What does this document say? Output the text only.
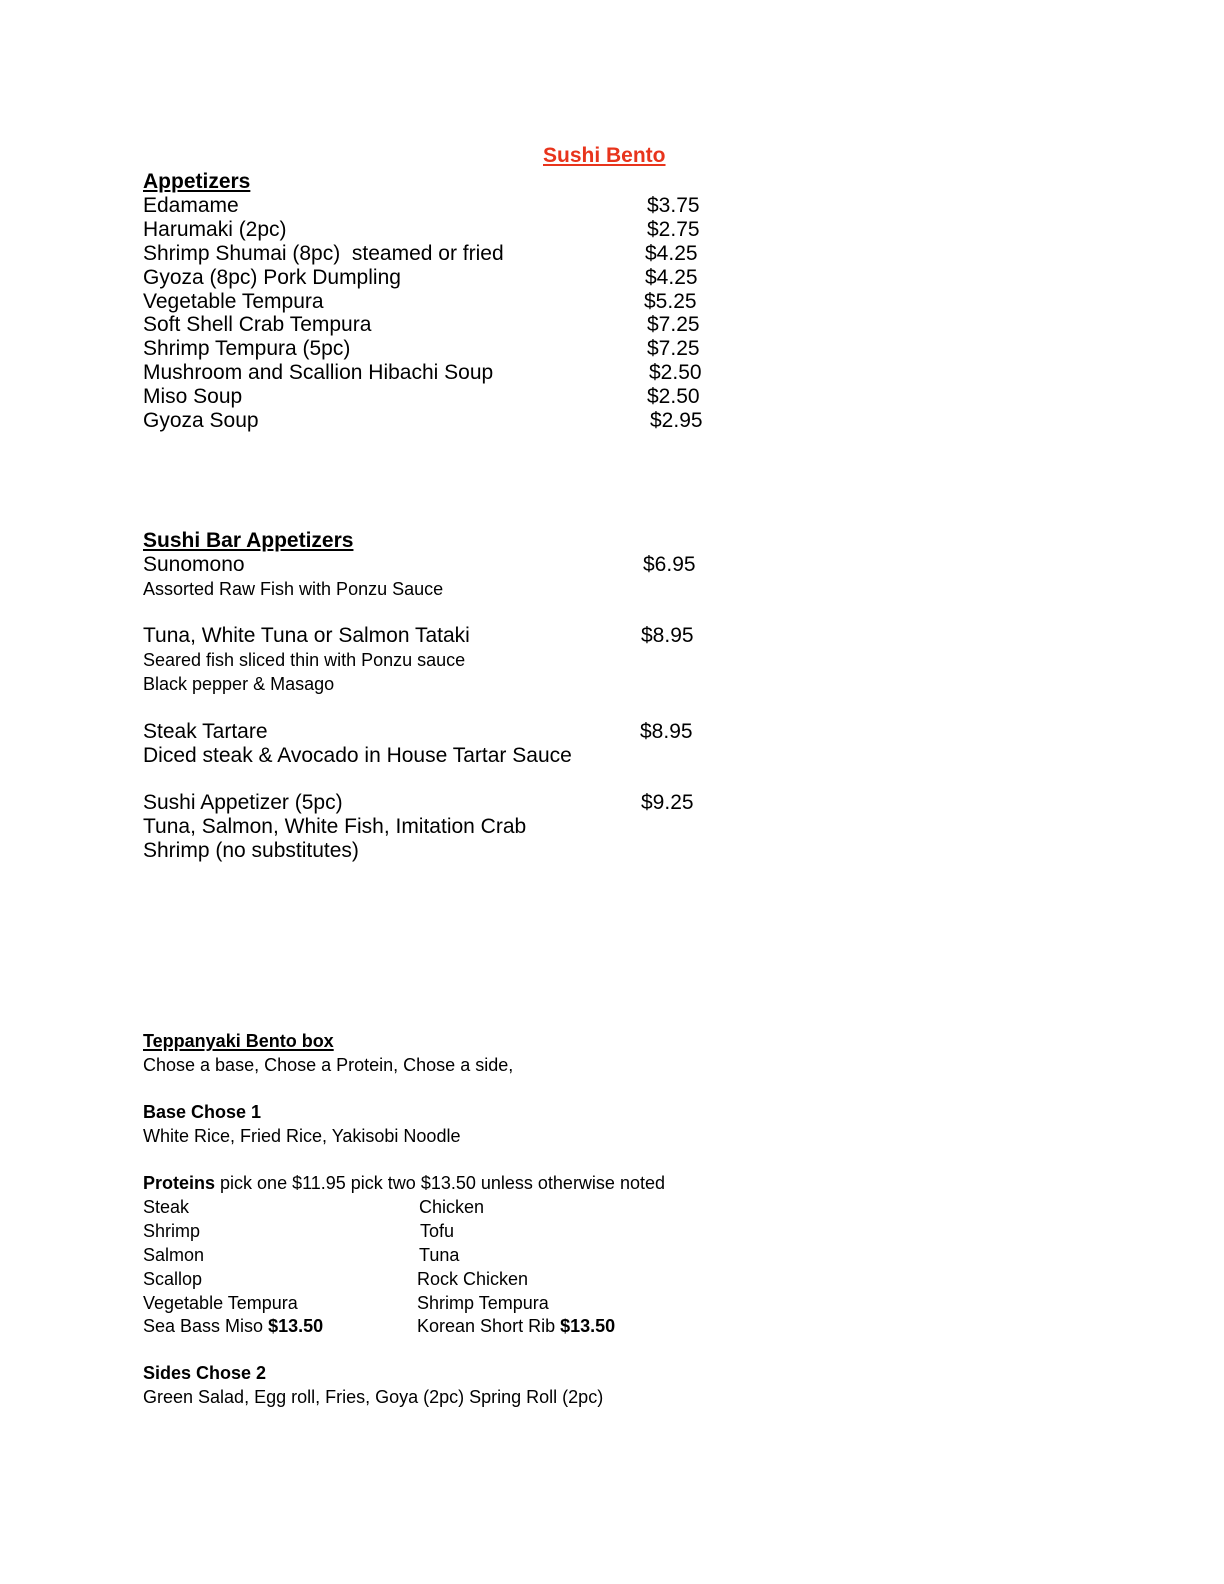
Sushi Bento
Appetizers
Edamame	$3.75
Harumaki (2pc)	$2.75
Shrimp Shumai (8pc)  steamed or fried	$4.25
Gyoza (8pc) Pork Dumpling	$4.25
Vegetable Tempura	$5.25
Soft Shell Crab Tempura	$7.25
Shrimp Tempura (5pc)	$7.25
Mushroom and Scallion Hibachi Soup	$2.50
Miso Soup	$2.50
Gyoza Soup	$2.95
Sushi Bar Appetizers
Sunomono	$6.95
Assorted Raw Fish with Ponzu Sauce
Tuna, White Tuna or Salmon Tataki	$8.95
Seared fish sliced thin with Ponzu sauce
Black pepper & Masago
Steak Tartare	$8.95
Diced steak & Avocado in House Tartar Sauce
Sushi Appetizer (5pc)	$9.25
Tuna, Salmon, White Fish, Imitation Crab
Shrimp (no substitutes)
Teppanyaki Bento box
Chose a base, Chose a Protein, Chose a side,
Base Chose 1
White Rice, Fried Rice, Yakisobi Noodle
Proteins pick one $11.95 pick two $13.50 unless otherwise noted
Steak	Chicken
Shrimp	Tofu
Salmon	Tuna
Scallop	Rock Chicken
Vegetable Tempura	Shrimp Tempura
Sea Bass Miso $13.50	Korean Short Rib $13.50
Sides Chose 2
Green Salad, Egg roll, Fries, Goya (2pc) Spring Roll (2pc)
